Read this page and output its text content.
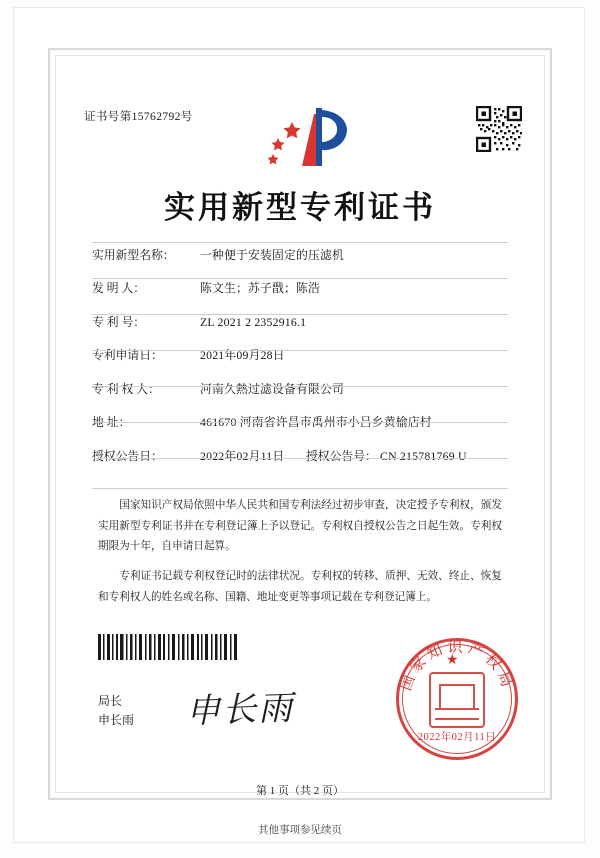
证书号第15762792号
实用新型专利证书
实用新型名称：	一种便于安装固定的压滤机
发 明 人：	陈文生；苏子戬；陈浩
专 利 号：	ZL 2021 2 2352916.1
专利申请日：	2021年09月28日
专 利 权 人：	河南久熱过滤设备有限公司
地 址：	461670 河南省许昌市禹州市小吕乡黄榆店村
授权公告日：	2022年02月11日	授权公告号： CN 215781769 U

国家知识产权局依照中华人民共和国专利法经过初步审查，决定授予专利权，颁发实用新型专利证书并在专利登记簿上予以登记。专利权自授权公告之日起生效。专利权期限为十年，自申请日起算。

专利证书记载专利权登记时的法律状况。专利权的转移、质押、无效、终止、恢复和专利权人的姓名或名称、国籍、地址变更等事项记载在专利登记簿上。

局长
申长雨 申长雨
★
国家知识产权局
2022年02月11日
第 1 页（共 2 页）
其他事项参见续页
